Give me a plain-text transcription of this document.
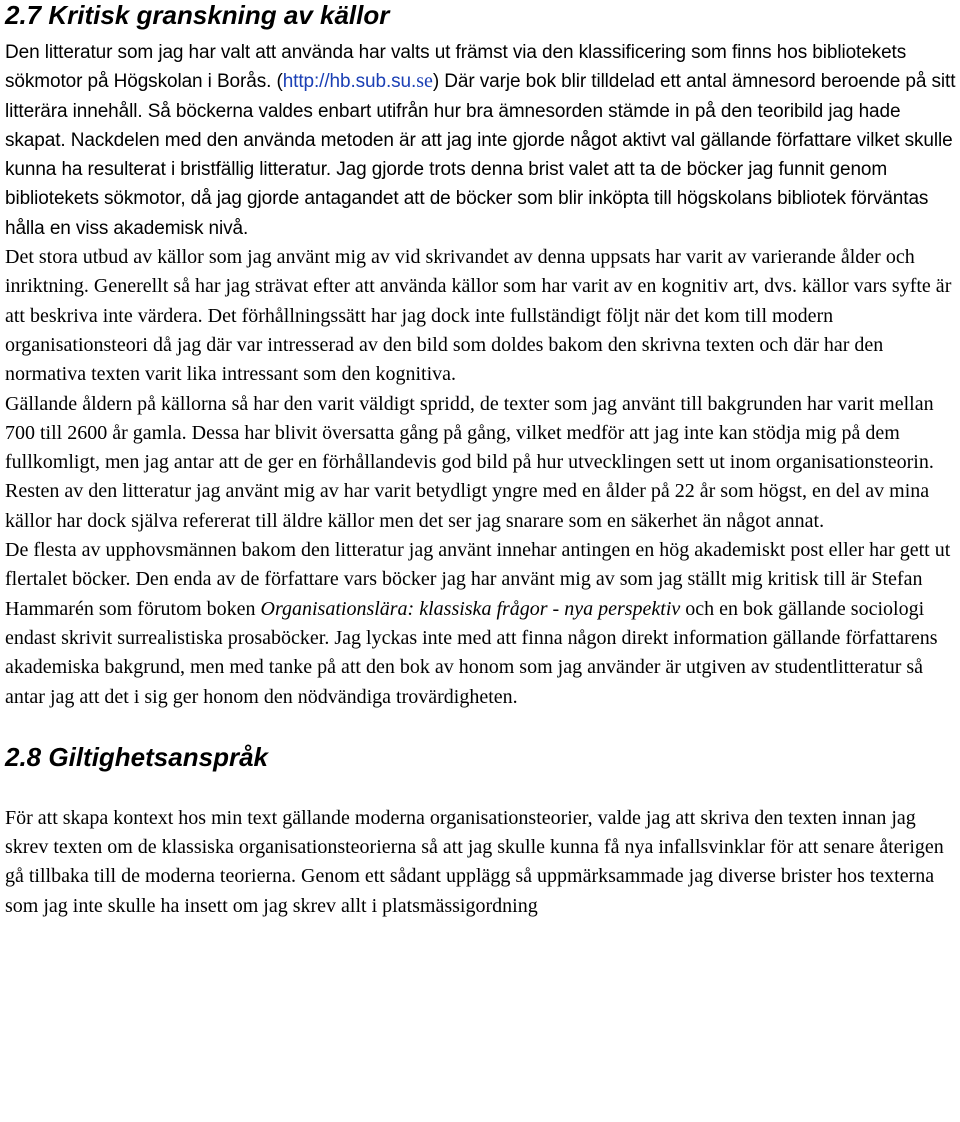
2.7 Kritisk granskning av källor

Den litteratur som jag har valt att använda har valts ut främst via den klassificering som finns hos bibliotekets sökmotor på Högskolan i Borås. (http://hb.sub.su.se) Där varje bok blir tilldelad ett antal ämnesord beroende på sitt litterära innehåll. Så böckerna valdes enbart utifrån hur bra ämnesorden stämde in på den teoribild jag hade skapat. Nackdelen med den använda metoden är att jag inte gjorde något aktivt val gällande författare vilket skulle kunna ha resulterat i bristfällig litteratur. Jag gjorde trots denna brist valet att ta de böcker jag funnit genom bibliotekets sökmotor, då jag gjorde antagandet att de böcker som blir inköpta till högskolans bibliotek förväntas hålla en viss akademisk nivå.

Det stora utbud av källor som jag använt mig av vid skrivandet av denna uppsats har varit av varierande ålder och inriktning. Generellt så har jag strävat efter att använda källor som har varit av en kognitiv art, dvs. källor vars syfte är att beskriva inte värdera. Det förhållningssätt har jag dock inte fullständigt följt när det kom till modern organisationsteori då jag där var intresserad av den bild som doldes bakom den skrivna texten och där har den normativa texten varit lika intressant som den kognitiva.

Gällande åldern på källorna så har den varit väldigt spridd, de texter som jag använt till bakgrunden har varit mellan 700 till 2600 år gamla. Dessa har blivit översatta gång på gång, vilket medför att jag inte kan stödja mig på dem fullkomligt, men jag antar att de ger en förhållandevis god bild på hur utvecklingen sett ut inom organisationsteorin. Resten av den litteratur jag använt mig av har varit betydligt yngre med en ålder på 22 år som högst, en del av mina källor har dock själva refererat till äldre källor men det ser jag snarare som en säkerhet än något annat.

De flesta av upphovsmännen bakom den litteratur jag använt innehar antingen en hög akademiskt post eller har gett ut flertalet böcker. Den enda av de författare vars böcker jag har använt mig av som jag ställt mig kritisk till är Stefan Hammarén som förutom boken Organisationslära: klassiska frågor - nya perspektiv och en bok gällande sociologi endast skrivit surrealistiska prosaböcker. Jag lyckas inte med att finna någon direkt information gällande författarens akademiska bakgrund, men med tanke på att den bok av honom som jag använder är utgiven av studentlitteratur så antar jag att det i sig ger honom den nödvändiga trovärdigheten.

2.8 Giltighetsanspråk

För att skapa kontext hos min text gällande moderna organisationsteorier, valde jag att skriva den texten innan jag skrev texten om de klassiska organisationsteorierna så att jag skulle kunna få nya infallsvinklar för att senare återigen gå tillbaka till de moderna teorierna. Genom ett sådant upplägg så uppmärksammade jag diverse brister hos texterna som jag inte skulle ha insett om jag skrev allt i platsmässigordning
